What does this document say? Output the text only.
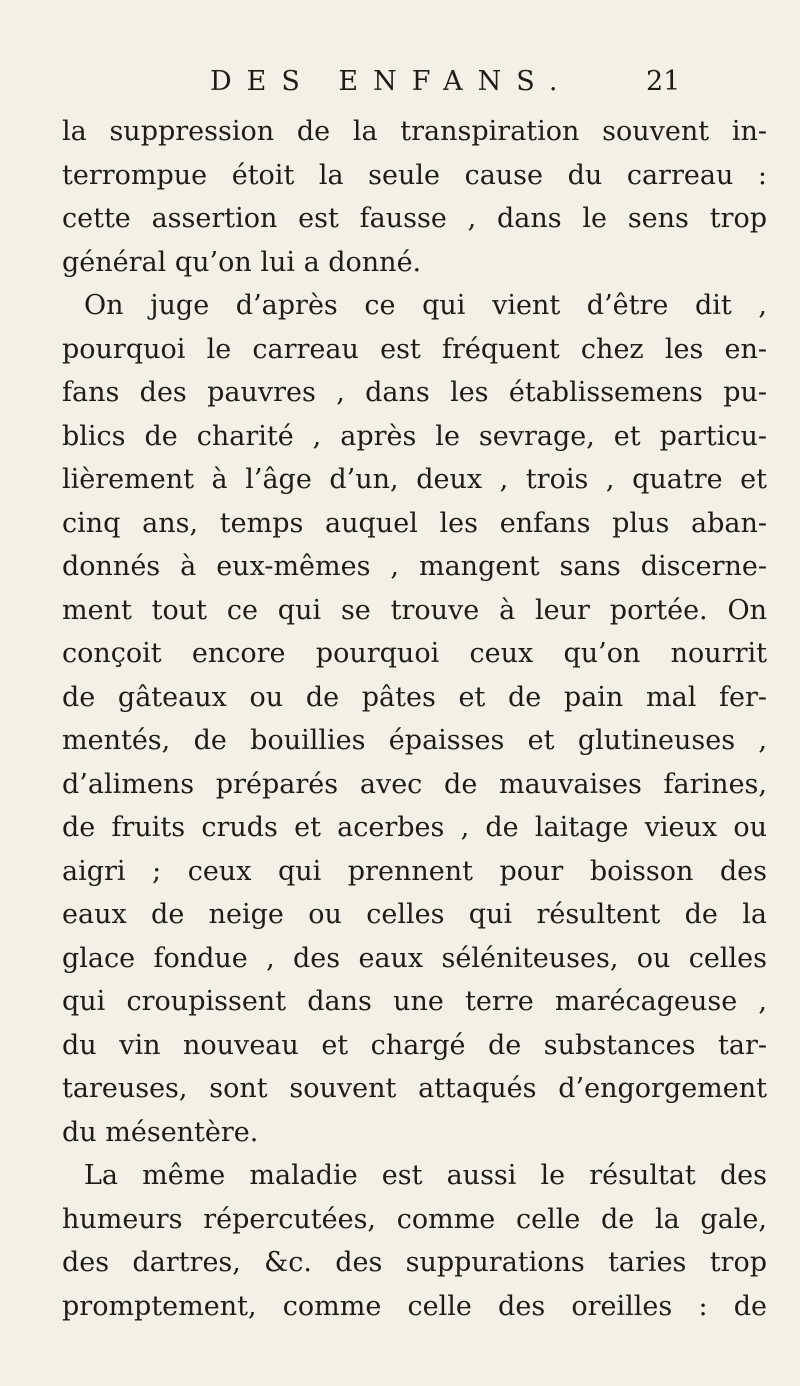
DES ENFANS.	21
la suppression de la transpiration souvent in-
terrompue étoit la seule cause du carreau :
cette assertion est fausse , dans le sens trop
général qu’on lui a donné.
On juge d’après ce qui vient d’être dit ,
pourquoi le carreau est fréquent chez les en-
fans des pauvres , dans les établissemens pu-
blics de charité , après le sevrage, et particu-
lièrement à l’âge d’un, deux , trois , quatre et
cinq ans, temps auquel les enfans plus aban-
donnés à eux-mêmes , mangent sans discerne-
ment tout ce qui se trouve à leur portée. On
conçoit encore pourquoi ceux qu’on nourrit
de gâteaux ou de pâtes et de pain mal fer-
mentés, de bouillies épaisses et glutineuses ,
d’alimens préparés avec de mauvaises farines,
de fruits cruds et acerbes , de laitage vieux ou
aigri ; ceux qui prennent pour boisson des
eaux de neige ou celles qui résultent de la
glace fondue , des eaux séléniteuses, ou celles
qui croupissent dans une terre marécageuse ,
du vin nouveau et chargé de substances tar-
tareuses, sont souvent attaqués d’engorgement
du mésentère.
La même maladie est aussi le résultat des
humeurs répercutées, comme celle de la gale,
des dartres, &c. des suppurations taries trop
promptement, comme celle des oreilles : de
